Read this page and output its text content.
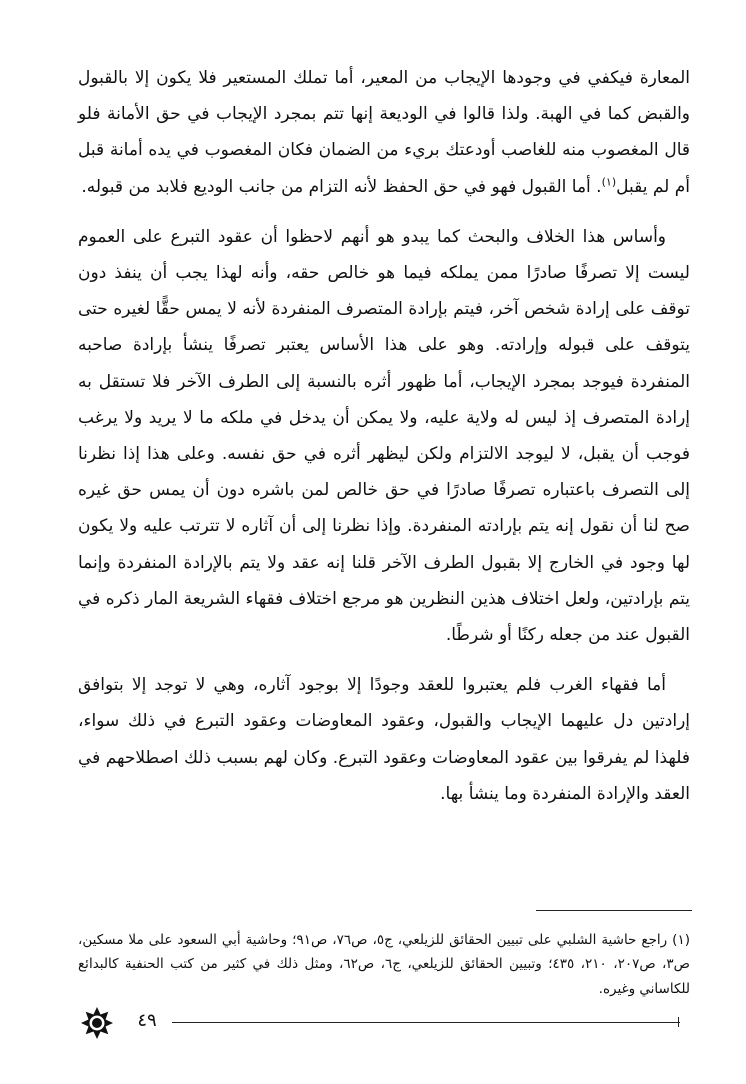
المعارة فيكفي في وجودها الإيجاب من المعير، أما تملك المستعير فلا يكون إلا بالقبول والقبض كما في الهبة. ولذا قالوا في الوديعة إنها تتم بمجرد الإيجاب في حق الأمانة فلو قال المغصوب منه للغاصب أودعتك بريء من الضمان فكان المغصوب في يده أمانة قبل أم لم يقبل$^{(١)}$. أما القبول فهو في حق الحفظ لأنه التزام من جانب الوديع فلابد من قبوله.

وأساس هذا الخلاف والبحث كما يبدو هو أنهم لاحظوا أن عقود التبرع على العموم ليست إلا تصرفًا صادرًا ممن يملكه فيما هو خالص حقه، وأنه لهذا يجب أن ينفذ دون توقف على إرادة شخص آخر، فيتم بإرادة المتصرف المنفردة لأنه لا يمس حقًّا لغيره حتى يتوقف على قبوله وإرادته. وهو على هذا الأساس يعتبر تصرفًا ينشأ بإرادة صاحبه المنفردة فيوجد بمجرد الإيجاب، أما ظهور أثره بالنسبة إلى الطرف الآخر فلا تستقل به إرادة المتصرف إذ ليس له ولاية عليه، ولا يمكن أن يدخل في ملكه ما لا يريد ولا يرغب فوجب أن يقبل، لا ليوجد الالتزام ولكن ليظهر أثره في حق نفسه. وعلى هذا إذا نظرنا إلى التصرف باعتباره تصرفًا صادرًا في حق خالص لمن باشره دون أن يمس حق غيره صح لنا أن نقول إنه يتم بإرادته المنفردة. وإذا نظرنا إلى أن آثاره لا تترتب عليه ولا يكون لها وجود في الخارج إلا بقبول الطرف الآخر قلنا إنه عقد ولا يتم بالإرادة المنفردة وإنما يتم بإرادتين، ولعل اختلاف هذين النظرين هو مرجع اختلاف فقهاء الشريعة المار ذكره في القبول عند من جعله ركنًا أو شرطًا.

أما فقهاء الغرب فلم يعتبروا للعقد وجودًا إلا بوجود آثاره، وهي لا توجد إلا بتوافق إرادتين دل عليهما الإيجاب والقبول، وعقود المعاوضات وعقود التبرع في ذلك سواء، فلهذا لم يفرقوا بين عقود المعاوضات وعقود التبرع. وكان لهم بسبب ذلك اصطلاحهم في العقد والإرادة المنفردة وما ينشأ بها.

(١) راجع حاشية الشلبي على تبيين الحقائق للزيلعي، ج٥، ص٧٦، ص٩١؛ وحاشية أبي السعود على ملا مسكين، ص٣، ص٢٠٧، ٢١٠، ٤٣٥؛ وتبيين الحقائق للزيلعي، ج٦، ص٦٢، ومثل ذلك في كثير من كتب الحنفية كالبدائع للكاساني وغيره.
٤٩
